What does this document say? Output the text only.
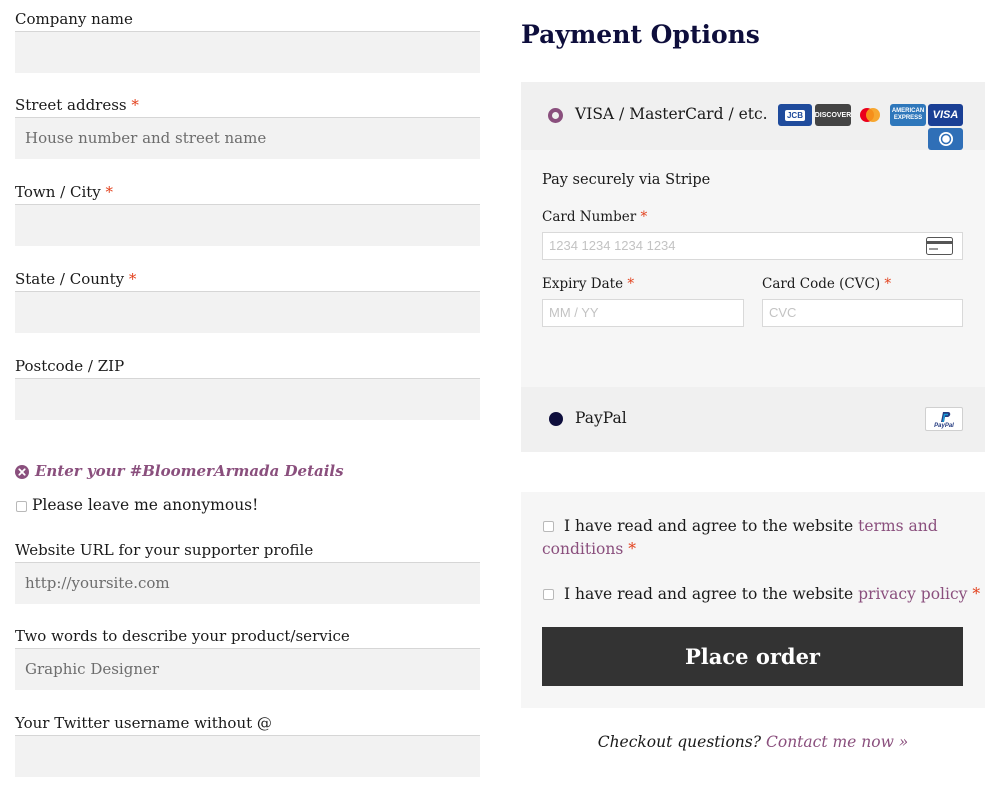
Company name
Street address *
House number and street name
Town / City *
State / County *
Postcode / ZIP
Enter your #BloomerArmada Details
Please leave me anonymous!
Website URL for your supporter profile
http://yoursite.com
Two words to describe your product/service
Graphic Designer
Your Twitter username without @
Payment Options
VISA / MasterCard / etc. JCB DISCOVER
AMERICAN EXPRESS VISA
Pay securely via Stripe
Card Number *
1234 1234 1234 1234
Expiry Date *
MM / YY
Card Code (CVC) *
CVC
PayPal	PayPal
I have read and agree to the website terms and
conditions *
I have read and agree to the website privacy policy *
Place order
Checkout questions? Contact me now »
